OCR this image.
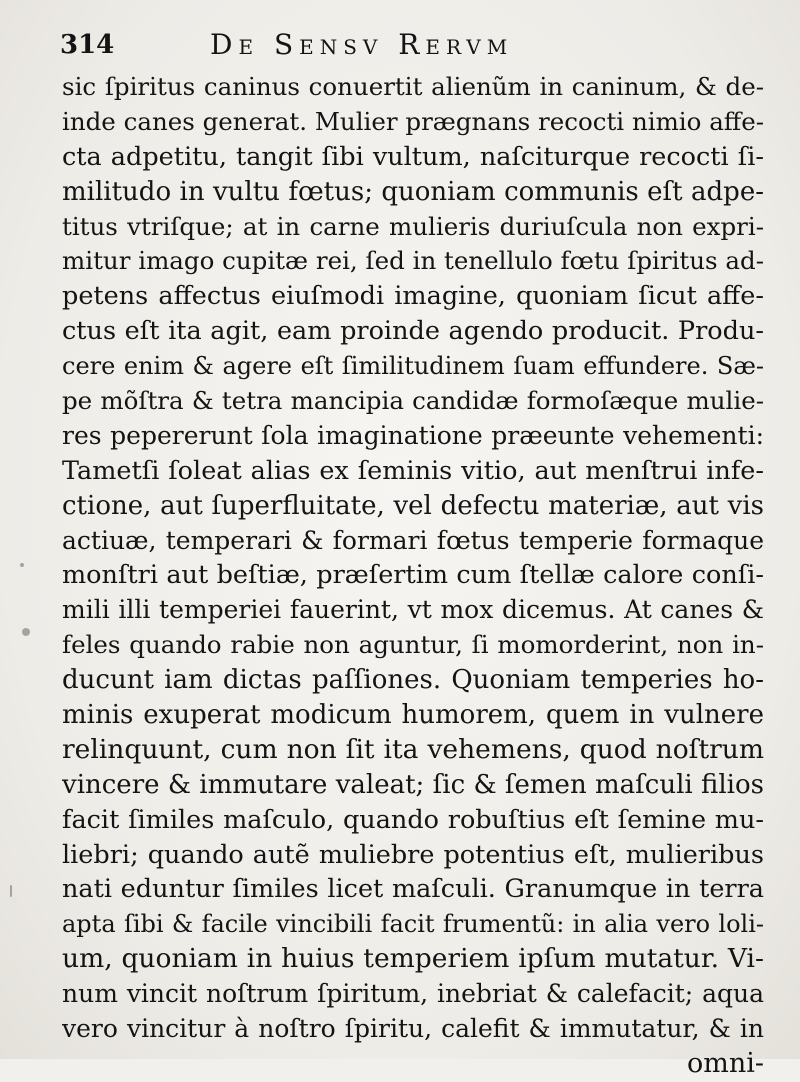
314	De Sensv Rervm
sic ſpiritus caninus conuertit alienũm in caninum, & de-
inde canes generat. Mulier prægnans recocti nimio affe-
cta adpetitu, tangit ſibi vultum, naſciturque recocti ſi-
militudo in vultu fœtus; quoniam communis eſt adpe-
titus vtriſque; at in carne mulieris duriuſcula non expri-
mitur imago cupitæ rei, ſed in tenellulo fœtu ſpiritus ad-
petens affectus eiuſmodi imagine, quoniam ſicut affe-
ctus eſt ita agit, eam proinde agendo producit. Produ-
cere enim & agere eſt ſimilitudinem ſuam effundere. Sæ-
pe mõſtra & tetra mancipia candidæ formoſæque mulie-
res pepererunt ſola imaginatione præeunte vehementi:
Tametſi ſoleat alias ex ſeminis vitio, aut menſtrui infe-
ctione, aut ſuperfluitate, vel defectu materiæ, aut vis
actiuæ, temperari & formari fœtus temperie formaque
monſtri aut beſtiæ, præſertim cum ſtellæ calore conſi-
mili illi temperiei fauerint, vt mox dicemus. At canes &
feles quando rabie non aguntur, ſi momorderint, non in-
ducunt iam dictas paſſiones. Quoniam temperies ho-
minis exuperat modicum humorem, quem in vulnere
relinquunt, cum non ſit ita vehemens, quod noſtrum
vincere & immutare valeat; ſic & ſemen maſculi filios
facit ſimiles maſculo, quando robuſtius eſt ſemine mu-
liebri; quando autẽ muliebre potentius eſt, mulieribus
nati eduntur ſimiles licet maſculi. Granumque in terra
apta ſibi & facile vincibili facit frumentũ: in alia vero loli-
um, quoniam in huius temperiem ipſum mutatur. Vi-
num vincit noſtrum ſpiritum, inebriat & calefacit; aqua
vero vincitur à noſtro ſpiritu, calefit & immutatur, & in
omni-
